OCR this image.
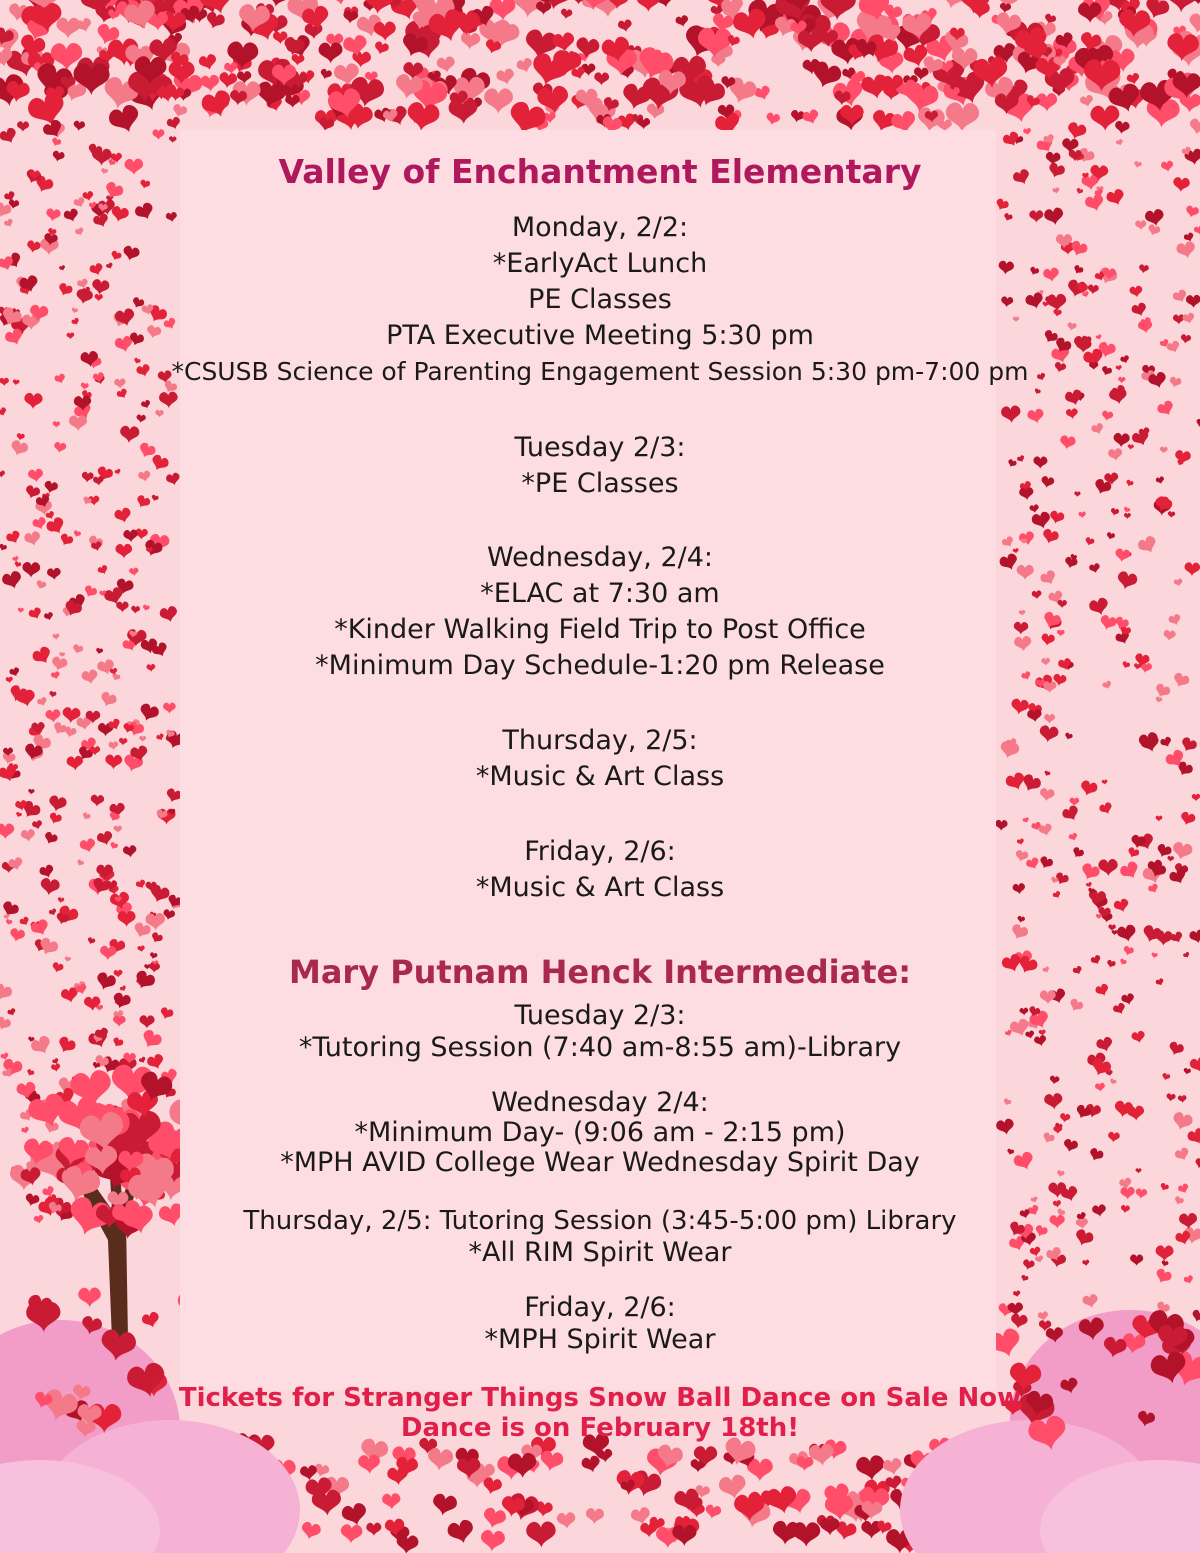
Valley of Enchantment Elementary
Monday, 2/2:
*EarlyAct Lunch
PE Classes
PTA Executive Meeting 5:30 pm
*CSUSB Science of Parenting Engagement Session 5:30 pm-7:00 pm
Tuesday 2/3:
*PE Classes
Wednesday, 2/4:
*ELAC at 7:30 am
*Kinder Walking Field Trip to Post Office
*Minimum Day Schedule-1:20 pm Release
Thursday, 2/5:
*Music & Art Class
Friday, 2/6:
*Music & Art Class
Mary Putnam Henck Intermediate:
Tuesday 2/3:
*Tutoring Session (7:40 am-8:55 am)-Library
Wednesday 2/4:
*Minimum Day- (9:06 am - 2:15 pm)
*MPH AVID College Wear Wednesday Spirit Day
Thursday, 2/5: Tutoring Session (3:45-5:00 pm) Library
*All RIM Spirit Wear
Friday, 2/6:
*MPH Spirit Wear
Tickets for Stranger Things Snow Ball Dance on Sale Now
Dance is on February 18th!
